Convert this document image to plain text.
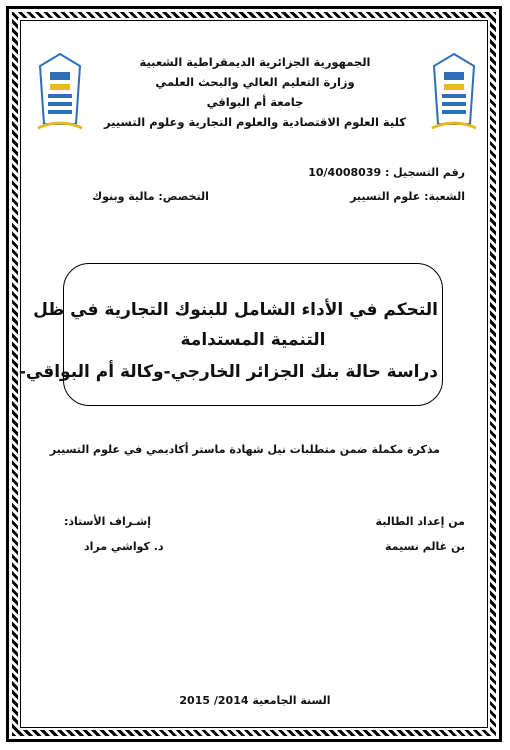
الجمهورية الجزائرية الديمقراطية الشعبية
وزارة التعليم العالي والبحث العلمي
جامعة أم البواقي
كلية العلوم الاقتصادية والعلوم التجارية وعلوم التسيير
رقم التسجيل : 10/4008039
الشعبة: علوم التسيير
التخصص: مالية وبنوك
التحكم في الأداء الشامل للبنوك التجارية في ظل
التنمية المستدامة
دراسة حالة بنك الجزائر الخارجي-وكالة أم البواقي-
مذكرة مكملة ضمن متطلبات نيل شهادة ماستر أكاديمي في علوم التسيير
من إعداد الطالبة
بن غالم نسيمة
إشـراف الأستاذ:
د. كواشي مراد
السنة الجامعية 2014/ 2015
